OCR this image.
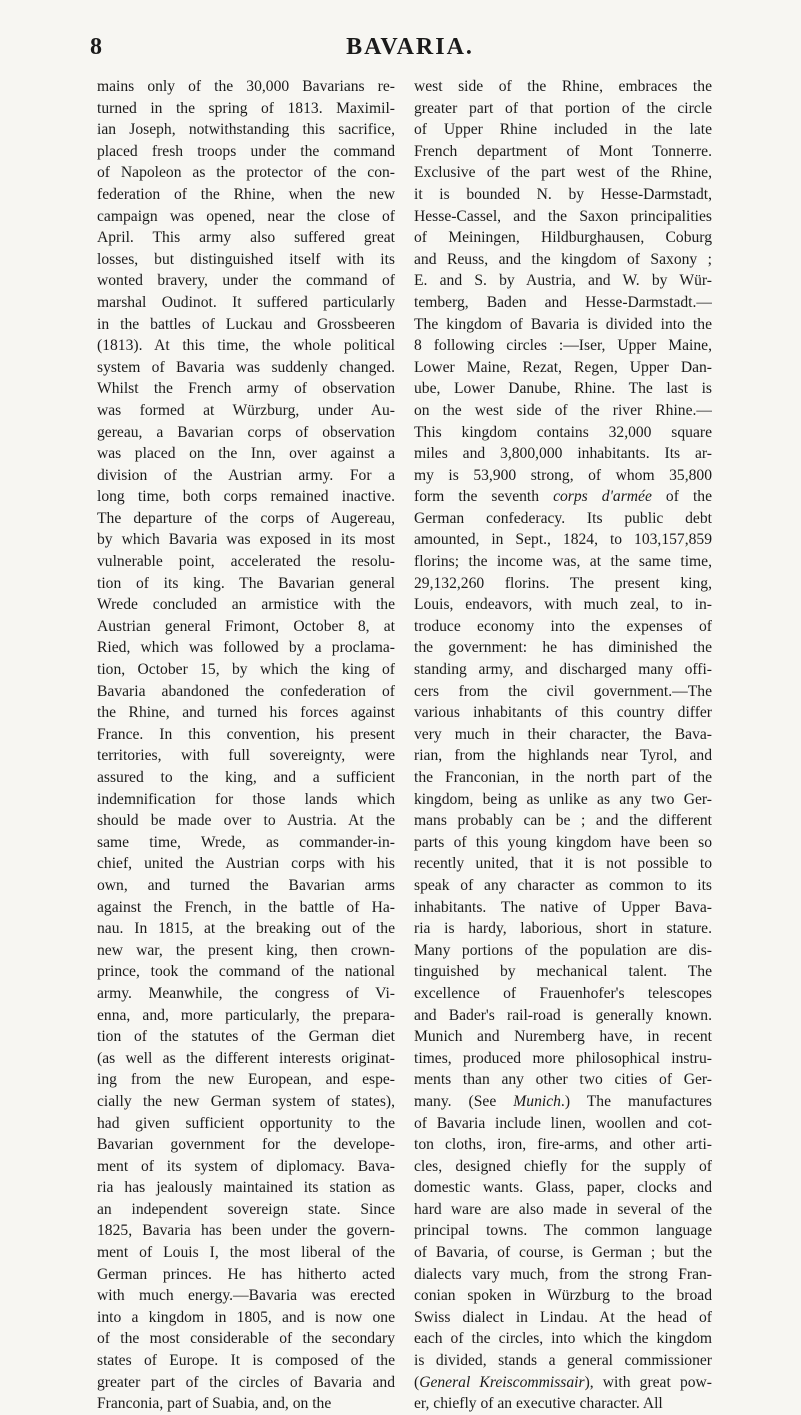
8	BAVARIA.
mains only of the 30,000 Bavarians re-
turned in the spring of 1813. Maximil-
ian Joseph, notwithstanding this sacrifice,
placed fresh troops under the command
of Napoleon as the protector of the con-
federation of the Rhine, when the new
campaign was opened, near the close of
April. This army also suffered great
losses, but distinguished itself with its
wonted bravery, under the command of
marshal Oudinot. It suffered particularly
in the battles of Luckau and Grossbeeren
(1813). At this time, the whole political
system of Bavaria was suddenly changed.
Whilst the French army of observation
was formed at Würzburg, under Au-
gereau, a Bavarian corps of observation
was placed on the Inn, over against a
division of the Austrian army. For a
long time, both corps remained inactive.
The departure of the corps of Augereau,
by which Bavaria was exposed in its most
vulnerable point, accelerated the resolu-
tion of its king. The Bavarian general
Wrede concluded an armistice with the
Austrian general Frimont, October 8, at
Ried, which was followed by a proclama-
tion, October 15, by which the king of
Bavaria abandoned the confederation of
the Rhine, and turned his forces against
France. In this convention, his present
territories, with full sovereignty, were
assured to the king, and a sufficient
indemnification for those lands which
should be made over to Austria. At the
same time, Wrede, as commander-in-
chief, united the Austrian corps with his
own, and turned the Bavarian arms
against the French, in the battle of Ha-
nau. In 1815, at the breaking out of the
new war, the present king, then crown-
prince, took the command of the national
army. Meanwhile, the congress of Vi-
enna, and, more particularly, the prepara-
tion of the statutes of the German diet
(as well as the different interests originat-
ing from the new European, and espe-
cially the new German system of states),
had given sufficient opportunity to the
Bavarian government for the develope-
ment of its system of diplomacy. Bava-
ria has jealously maintained its station as
an independent sovereign state. Since
1825, Bavaria has been under the govern-
ment of Louis I, the most liberal of the
German princes. He has hitherto acted
with much energy.—Bavaria was erected
into a kingdom in 1805, and is now one
of the most considerable of the secondary
states of Europe. It is composed of the
greater part of the circles of Bavaria and
Franconia, part of Suabia, and, on the
west side of the Rhine, embraces the
greater part of that portion of the circle
of Upper Rhine included in the late
French department of Mont Tonnerre.
Exclusive of the part west of the Rhine,
it is bounded N. by Hesse-Darmstadt,
Hesse-Cassel, and the Saxon principalities
of Meiningen, Hildburghausen, Coburg
and Reuss, and the kingdom of Saxony ;
E. and S. by Austria, and W. by Wür-
temberg, Baden and Hesse-Darmstadt.—
The kingdom of Bavaria is divided into the
8 following circles :—Iser, Upper Maine,
Lower Maine, Rezat, Regen, Upper Dan-
ube, Lower Danube, Rhine. The last is
on the west side of the river Rhine.—
This kingdom contains 32,000 square
miles and 3,800,000 inhabitants. Its ar-
my is 53,900 strong, of whom 35,800
form the seventh corps d'armée of the
German confederacy. Its public debt
amounted, in Sept., 1824, to 103,157,859
florins; the income was, at the same time,
29,132,260 florins. The present king,
Louis, endeavors, with much zeal, to in-
troduce economy into the expenses of
the government: he has diminished the
standing army, and discharged many offi-
cers from the civil government.—The
various inhabitants of this country differ
very much in their character, the Bava-
rian, from the highlands near Tyrol, and
the Franconian, in the north part of the
kingdom, being as unlike as any two Ger-
mans probably can be ; and the different
parts of this young kingdom have been so
recently united, that it is not possible to
speak of any character as common to its
inhabitants. The native of Upper Bava-
ria is hardy, laborious, short in stature.
Many portions of the population are dis-
tinguished by mechanical talent. The
excellence of Frauenhofer's telescopes
and Bader's rail-road is generally known.
Munich and Nuremberg have, in recent
times, produced more philosophical instru-
ments than any other two cities of Ger-
many. (See Munich.) The manufactures
of Bavaria include linen, woollen and cot-
ton cloths, iron, fire-arms, and other arti-
cles, designed chiefly for the supply of
domestic wants. Glass, paper, clocks and
hard ware are also made in several of the
principal towns. The common language
of Bavaria, of course, is German ; but the
dialects vary much, from the strong Fran-
conian spoken in Würzburg to the broad
Swiss dialect in Lindau. At the head of
each of the circles, into which the kingdom
is divided, stands a general commissioner
(General Kreiscommissair), with great pow-
er, chiefly of an executive character. All
